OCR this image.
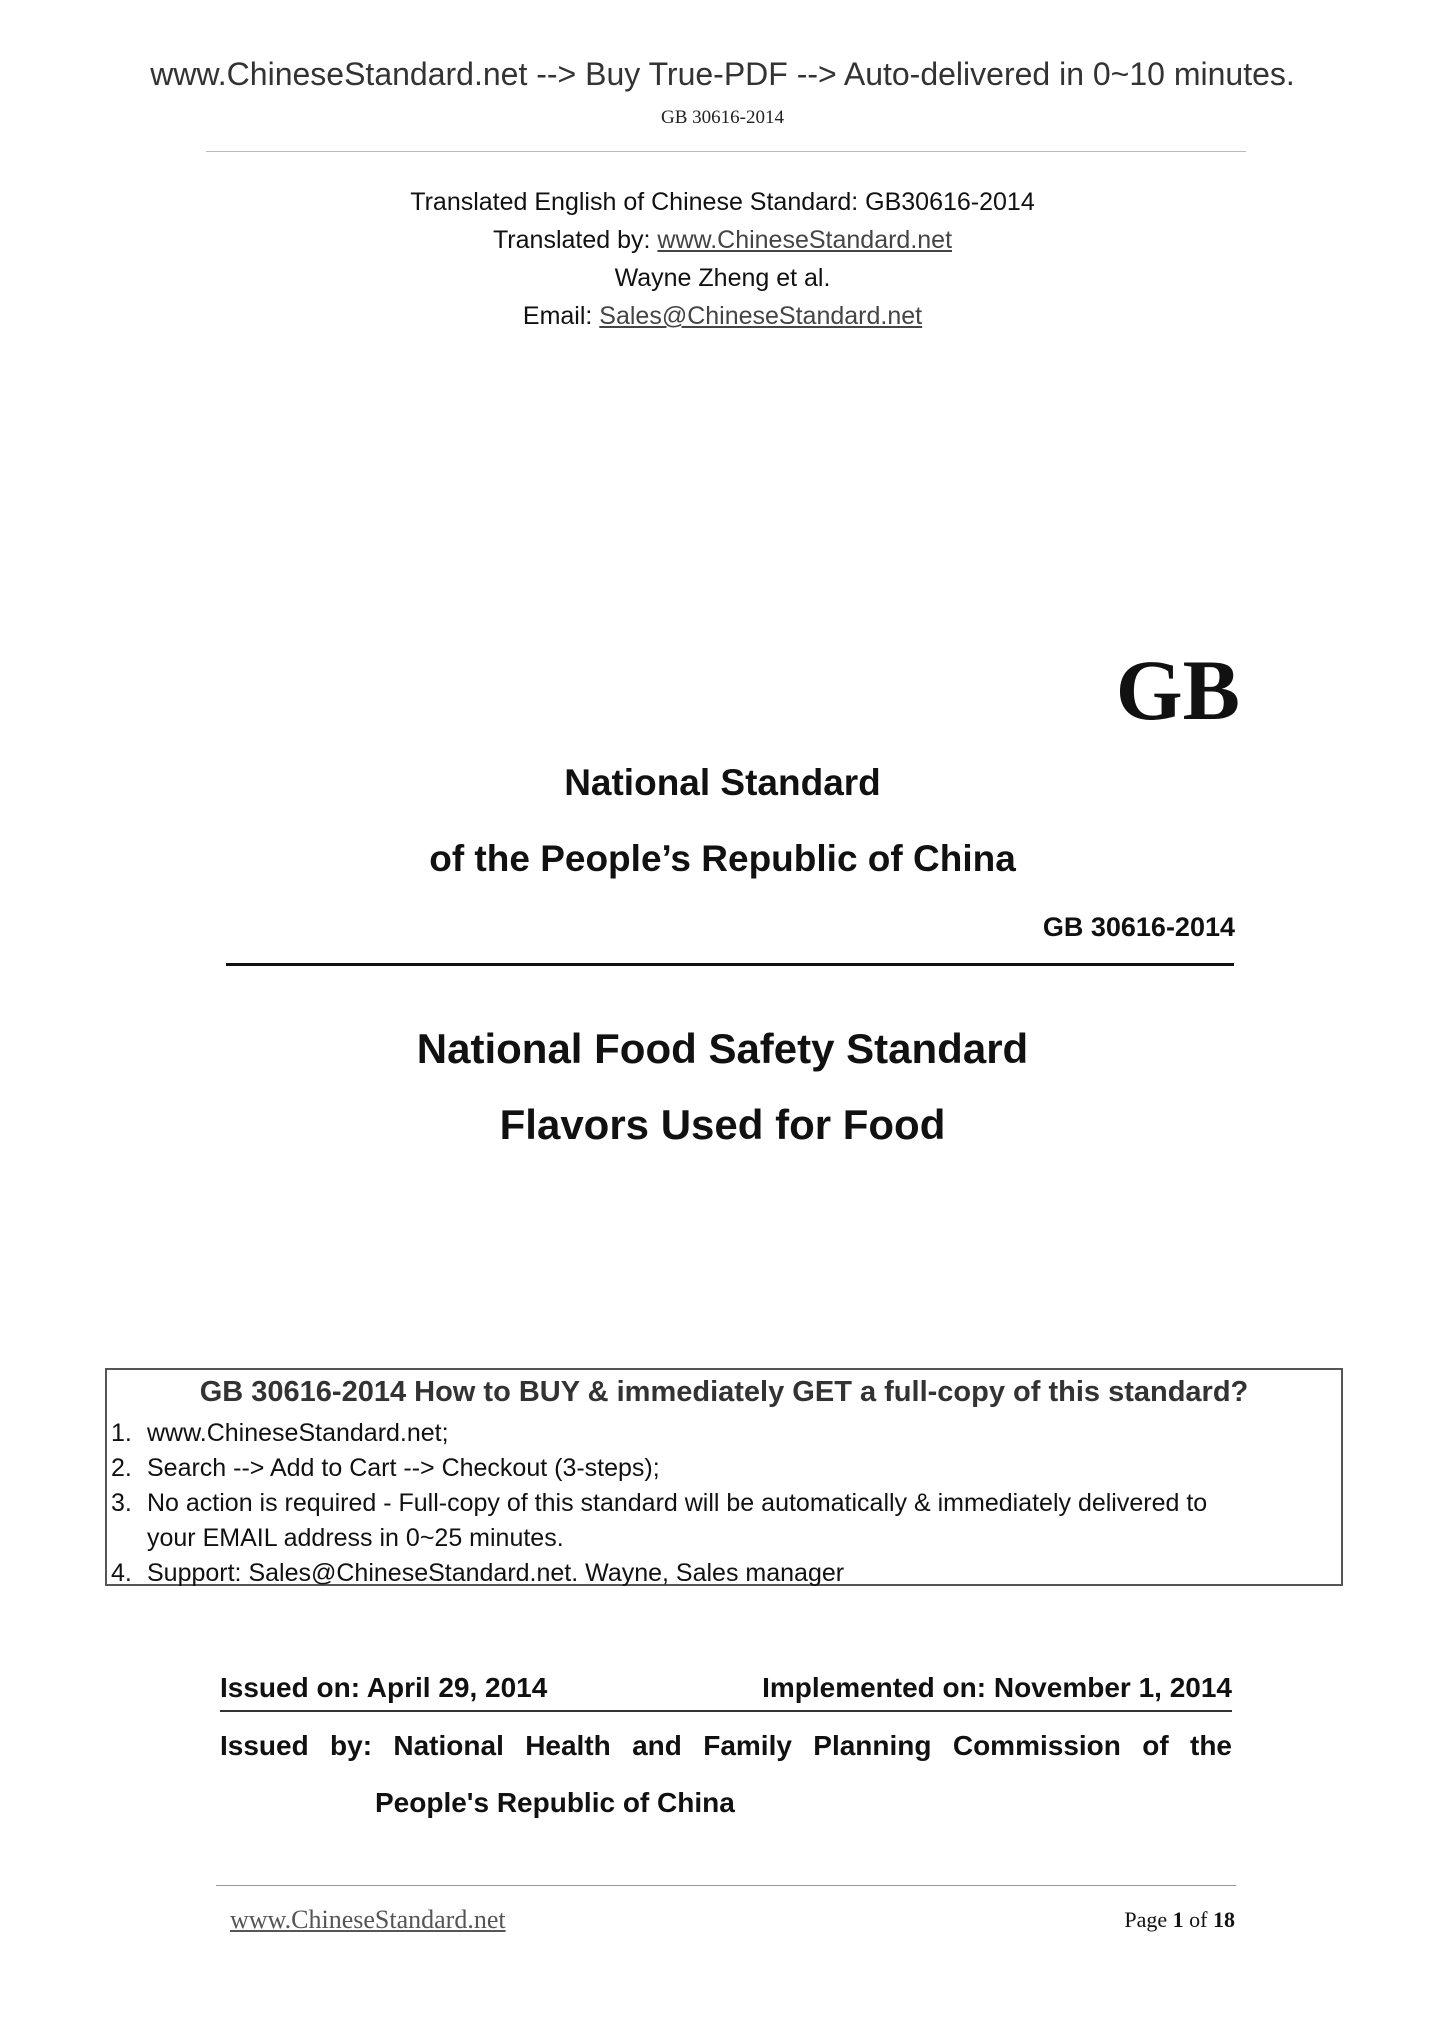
www.ChineseStandard.net --> Buy True-PDF --> Auto-delivered in 0~10 minutes.
GB 30616-2014
Translated English of Chinese Standard: GB30616-2014
Translated by: www.ChineseStandard.net
Wayne Zheng et al.
Email: Sales@ChineseStandard.net
GB
National Standard
of the People’s Republic of China
GB 30616-2014
National Food Safety Standard
Flavors Used for Food
GB 30616-2014 How to BUY & immediately GET a full-copy of this standard?
1. www.ChineseStandard.net;
2. Search --> Add to Cart --> Checkout (3-steps);
3. No action is required - Full-copy of this standard will be automatically & immediately delivered to
your EMAIL address in 0~25 minutes.
4. Support: Sales@ChineseStandard.net. Wayne, Sales manager
Issued on: April 29, 2014	Implemented on: November 1, 2014
Issued by: National Health and Family Planning Commission of the
People's Republic of China
www.ChineseStandard.net	Page 1 of 18
